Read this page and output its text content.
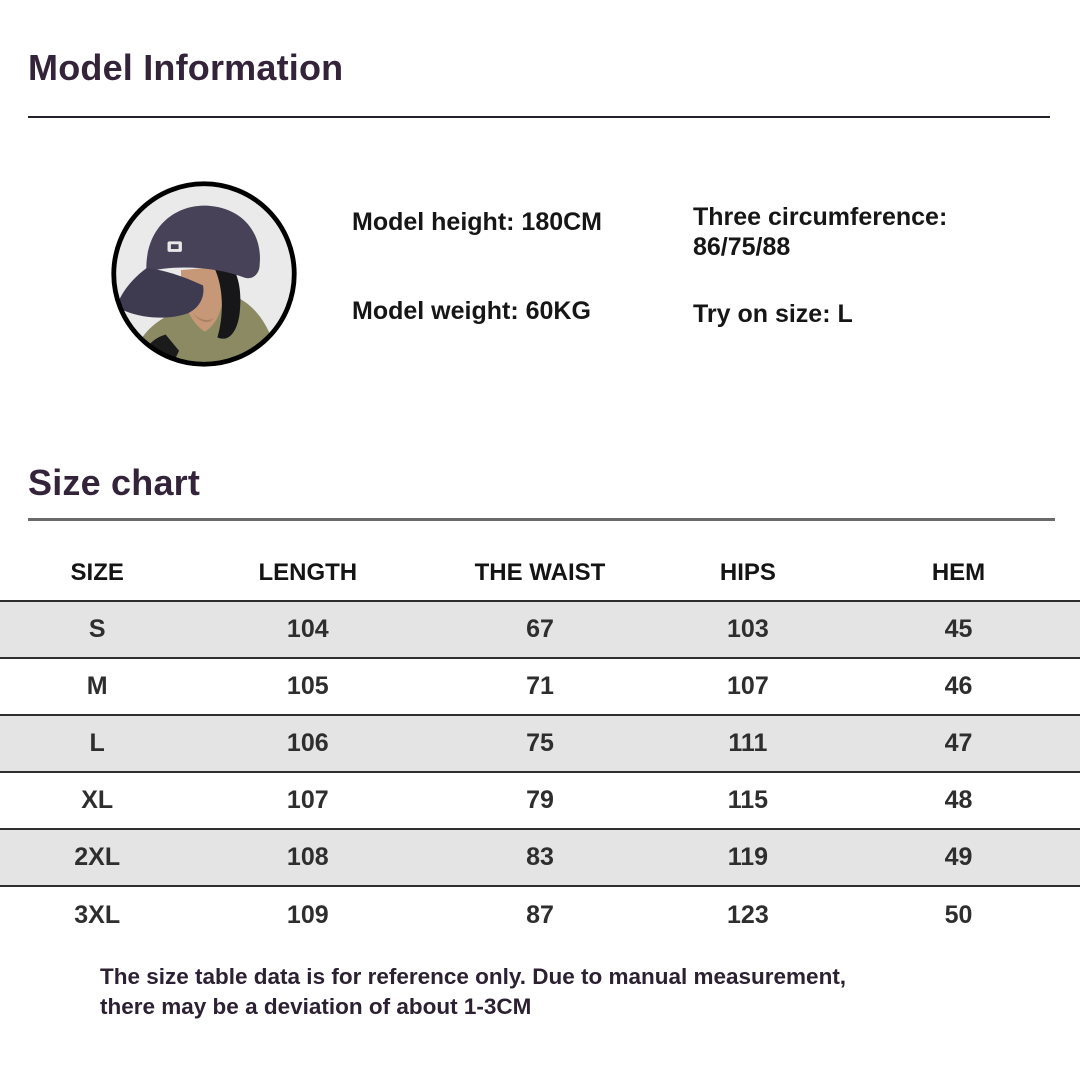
Model Information
Model height: 180CM
Model weight: 60KG
Three circumference: 86/75/88
Try on size: L
Size chart
SIZE	LENGTH	THE WAIST	HIPS	HEM
S	104	67	103	45
M	105	71	107	46
L	106	75	111	47
XL	107	79	115	48
2XL	108	83	119	49
3XL	109	87	123	50
The size table data is for reference only. Due to manual measurement,
there may be a deviation of about 1-3CM
